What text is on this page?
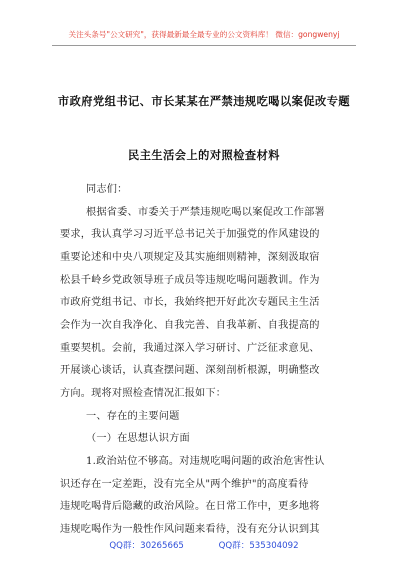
关注头条号"公文研究"，获得最新最全最专业的公文资料库！ 微信：gongwenyj
市政府党组书记、市长某某在严禁违规吃喝以案促改专题
民主生活会上的对照检查材料
同志们：
根据省委、市委关于严禁违规吃喝以案促改工作部署
要求，我认真学习习近平总书记关于加强党的作风建设的
重要论述和中央八项规定及其实施细则精神，深刻汲取宿
松县千岭乡党政领导班子成员等违规吃喝问题教训。作为
市政府党组书记、市长，我始终把开好此次专题民主生活
会作为一次自我净化、自我完善、自我革新、自我提高的
重要契机。会前，我通过深入学习研讨、广泛征求意见、
开展谈心谈话，认真查摆问题、深刻剖析根源，明确整改
方向。现将对照检查情况汇报如下：
一、存在的主要问题
（一）在思想认识方面
1.政治站位不够高。对违规吃喝问题的政治危害性认
识还存在一定差距，没有完全从"两个维护"的高度看待
违规吃喝背后隐藏的政治风险。在日常工作中，更多地将
违规吃喝作为一般性作风问题来看待，没有充分认识到其
QQ群：30265665	QQ群：535304092
